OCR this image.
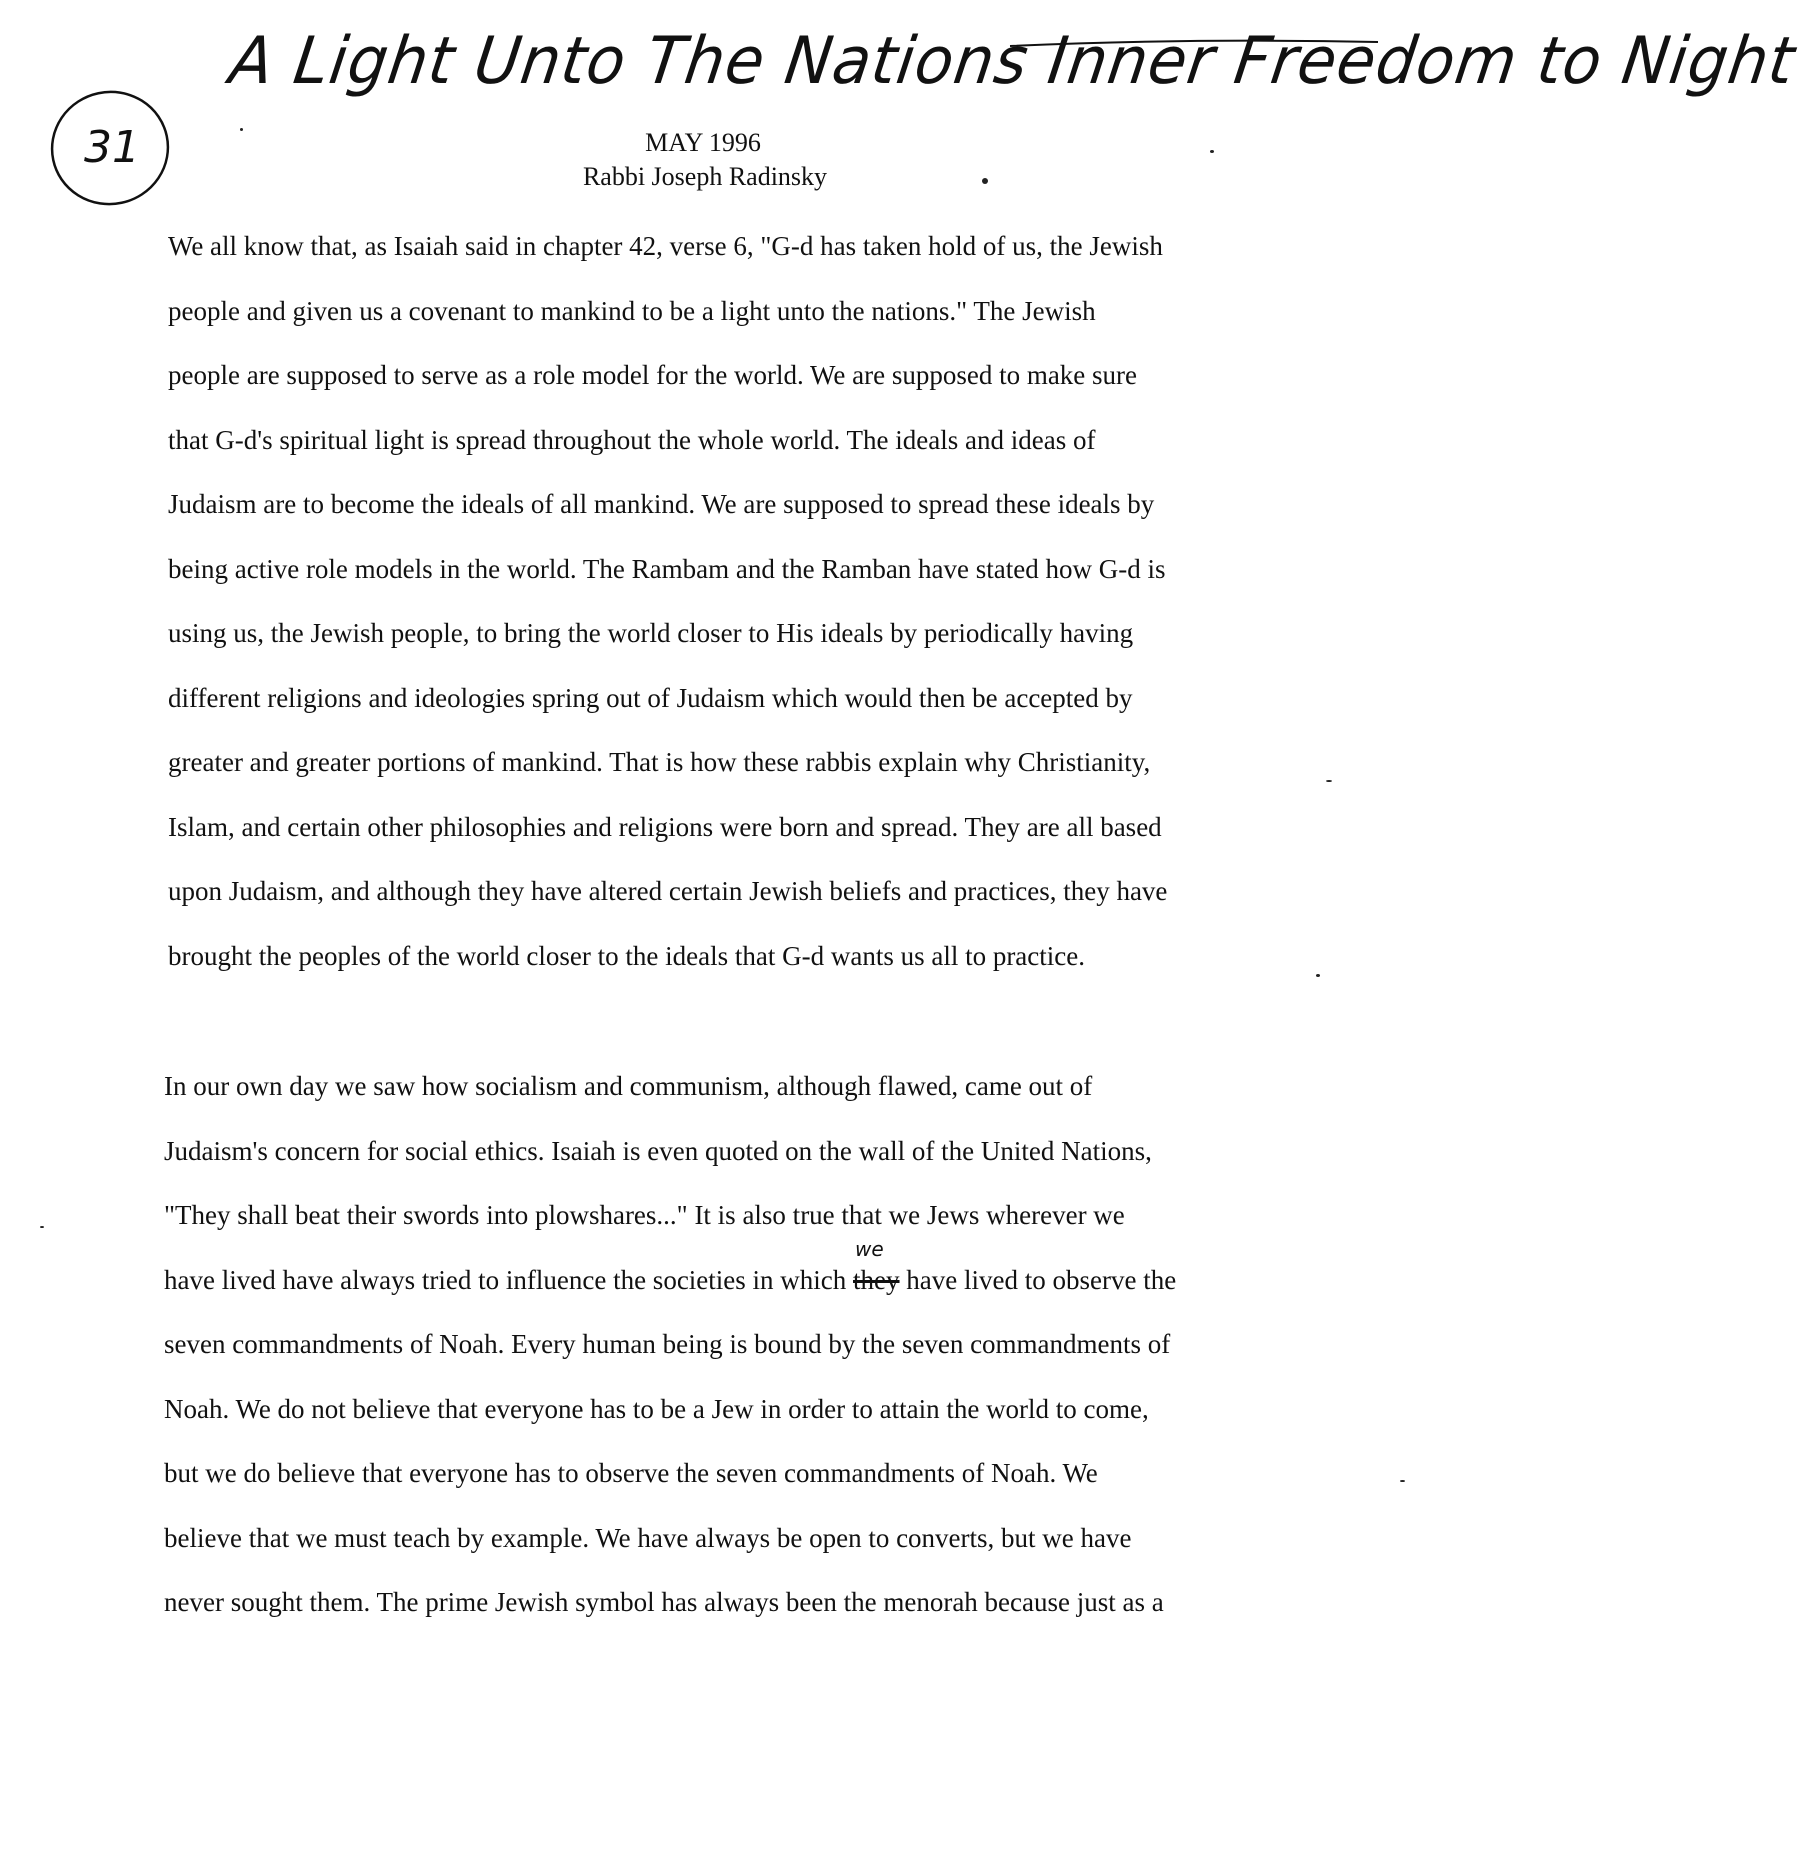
31
A Light Unto The Nations Inner Freedom to Night
MAY 1996
Rabbi Joseph Radinsky
We all know that, as Isaiah said in chapter 42, verse 6, "G-d has taken hold of us, the Jewish
people and given us a covenant to mankind to be a light unto the nations." The Jewish
people are supposed to serve as a role model for the world. We are supposed to make sure
that G-d's spiritual light is spread throughout the whole world. The ideals and ideas of
Judaism are to become the ideals of all mankind. We are supposed to spread these ideals by
being active role models in the world. The Rambam and the Ramban have stated how G-d is
using us, the Jewish people, to bring the world closer to His ideals by periodically having
different religions and ideologies spring out of Judaism which would then be accepted by
greater and greater portions of mankind. That is how these rabbis explain why Christianity,
Islam, and certain other philosophies and religions were born and spread. They are all based
upon Judaism, and although they have altered certain Jewish beliefs and practices, they have
brought the peoples of the world closer to the ideals that G-d wants us all to practice.
In our own day we saw how socialism and communism, although flawed, came out of
Judaism's concern for social ethics. Isaiah is even quoted on the wall of the United Nations,
"They shall beat their swords into plowshares..." It is also true that we Jews wherever we
have lived have always tried to influence the societies in which they
we
have lived to observe the
seven commandments of Noah. Every human being is bound by the seven commandments of
Noah. We do not believe that everyone has to be a Jew in order to attain the world to come,
but we do believe that everyone has to observe the seven commandments of Noah. We
believe that we must teach by example. We have always be open to converts, but we have
never sought them. The prime Jewish symbol has always been the menorah because just as a
